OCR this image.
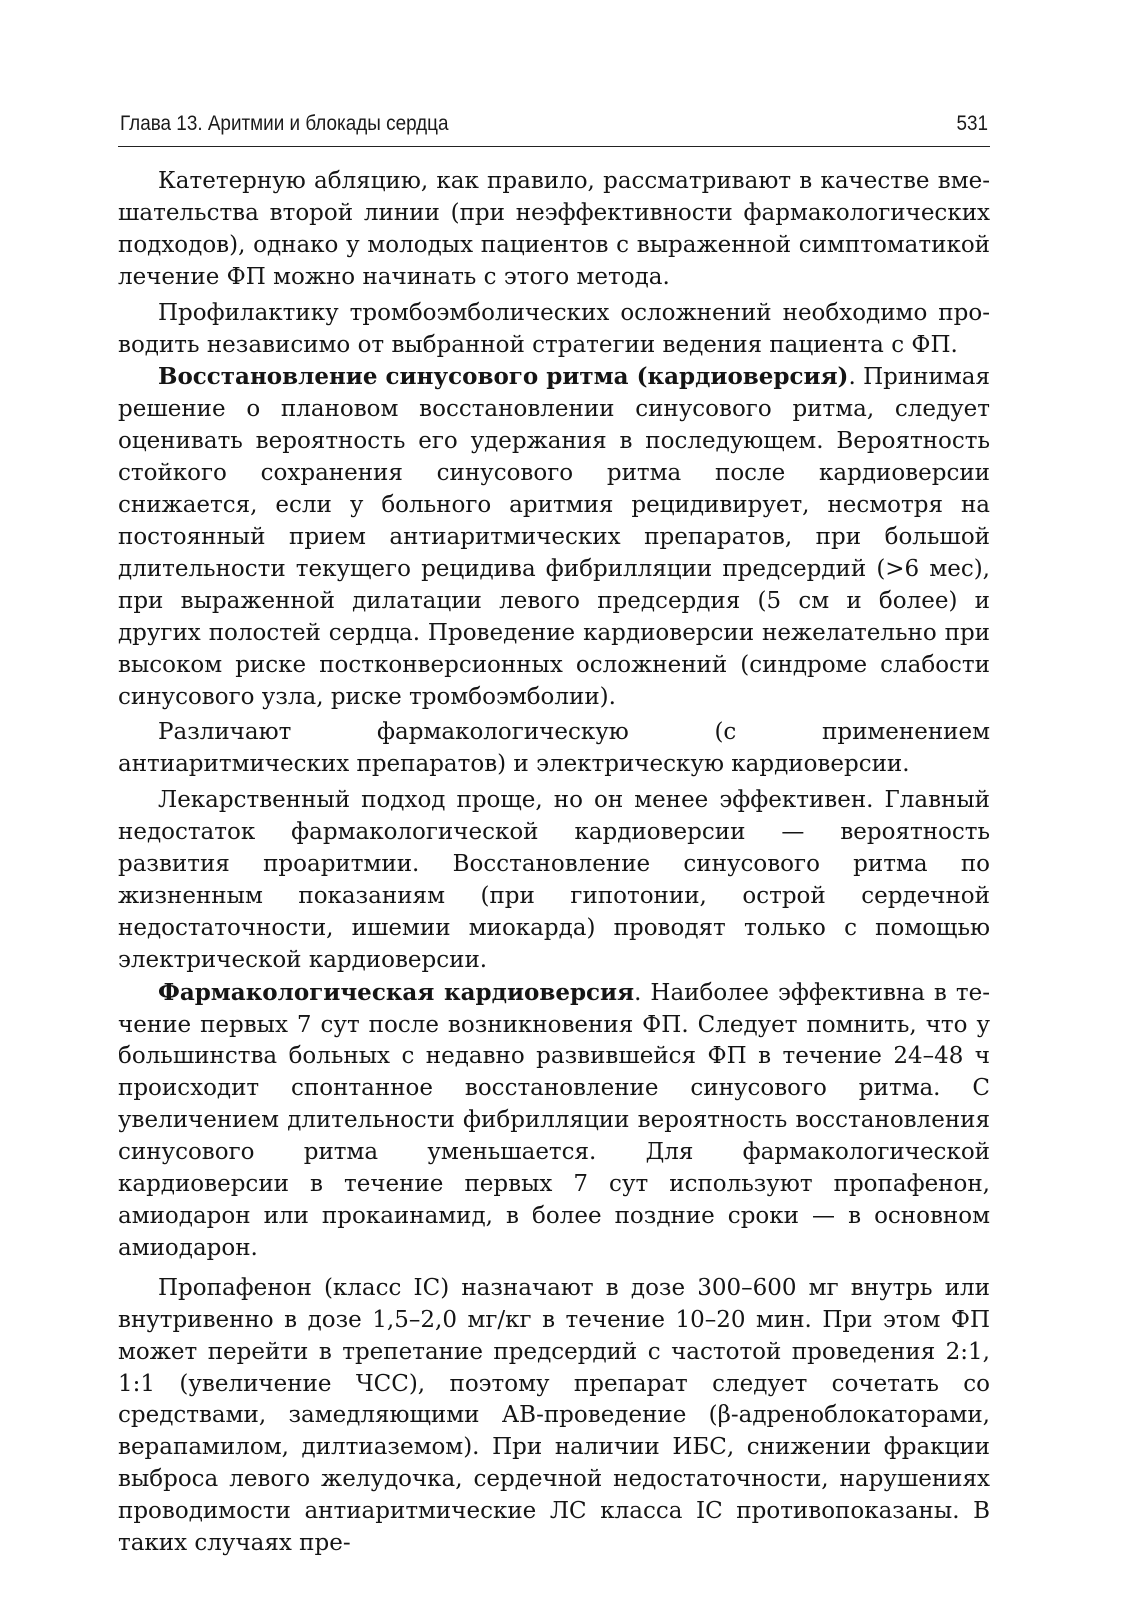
Глава 13. Аритмии и блокады сердца	531

Катетерную абляцию, как правило, рассматривают в качестве вмешательства второй линии (при неэффективности фармакологических подходов), однако у молодых пациентов с выраженной симптоматикой лечение ФП можно начинать с этого метода.

Профилактику тромбоэмболических осложнений необходимо проводить независимо от выбранной стратегии ведения пациента с ФП.

Восстановление синусового ритма (кардиоверсия). Принимая решение о плановом восстановлении синусового ритма, следует оценивать вероятность его удержания в последующем. Вероятность стойкого сохранения синусового ритма после кардиоверсии снижается, если у больного аритмия рецидивирует, несмотря на постоянный прием антиаритмических препаратов, при большой длительности текущего рецидива фибрилляции предсердий (>6 мес), при выраженной дилатации левого предсердия (5 см и более) и других полостей сердца. Проведение кардиоверсии нежелательно при высоком риске постконверсионных осложнений (синдроме слабости синусового узла, риске тромбоэмболии).

Различают фармакологическую (с применением антиаритмических препаратов) и электрическую кардиоверсии.

Лекарственный подход проще, но он менее эффективен. Главный недостаток фармакологической кардиоверсии — вероятность развития проаритмии. Восстановление синусового ритма по жизненным показаниям (при гипотонии, острой сердечной недостаточности, ишемии миокарда) проводят только с помощью электрической кардиоверсии.

Фармакологическая кардиоверсия. Наиболее эффективна в течение первых 7 сут после возникновения ФП. Следует помнить, что у большинства больных с недавно развившейся ФП в течение 24–48 ч происходит спонтанное восстановление синусового ритма. С увеличением длительности фибрилляции вероятность восстановления синусового ритма уменьшается. Для фармакологической кардиоверсии в течение первых 7 сут используют пропафенон, амиодарон или прокаинамид, в более поздние сроки — в основном амиодарон.

Пропафенон (класс IC) назначают в дозе 300–600 мг внутрь или внутривенно в дозе 1,5–2,0 мг/кг в течение 10–20 мин. При этом ФП может перейти в трепетание предсердий с частотой проведения 2:1, 1:1 (увеличение ЧСС), поэтому препарат следует сочетать со средствами, замедляющими АВ-проведение (β-адреноблокаторами, верапамилом, дилтиаземом). При наличии ИБС, снижении фракции выброса левого желудочка, сердечной недостаточности, нарушениях проводимости антиаритмические ЛС класса IC противопоказаны. В таких случаях пре-
